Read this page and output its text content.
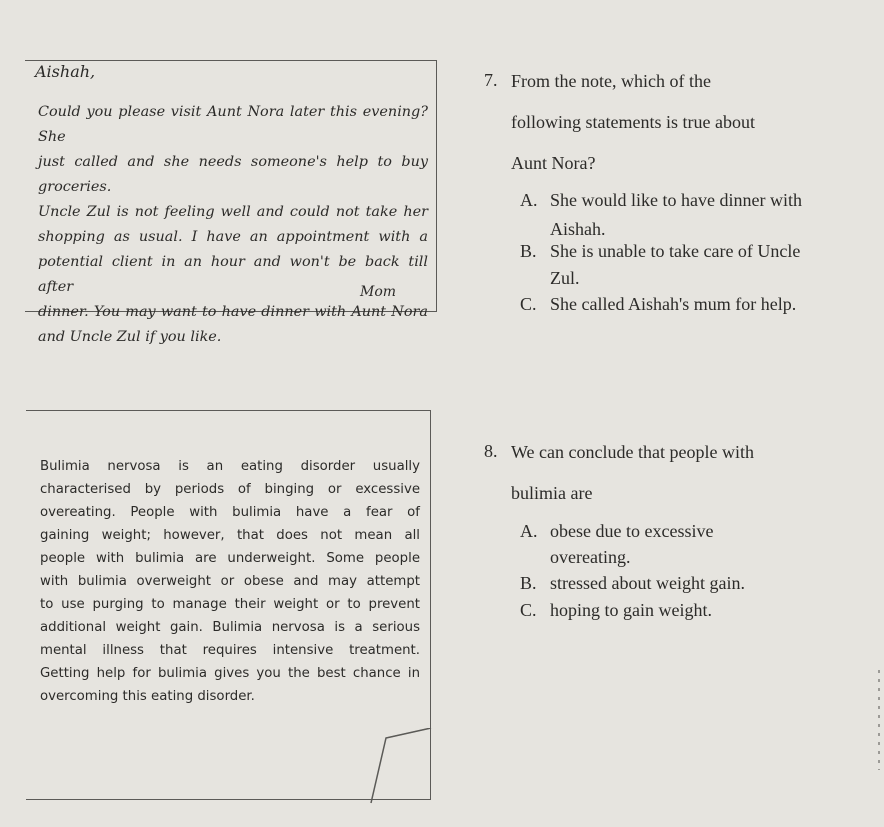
Aishah,
Could you please visit Aunt Nora later this evening? She
just called and she needs someone's help to buy groceries.
Uncle Zul is not feeling well and could not take her
shopping as usual. I have an appointment with a
potential client in an hour and won't be back till after
dinner. You may want to have dinner with Aunt Nora
and Uncle Zul if you like.
Mom
7. From the note, which of the
following statements is true about
Aunt Nora?
A. She would like to have dinner with
Aishah.
B. She is unable to take care of Uncle
Zul.
C. She called Aishah's mum for help.
Bulimia nervosa is an eating disorder usually
characterised by periods of binging or excessive
overeating. People with bulimia have a fear of
gaining weight; however, that does not mean all
people with bulimia are underweight. Some people
with bulimia overweight or obese and may attempt
to use purging to manage their weight or to prevent
additional weight gain. Bulimia nervosa is a serious
mental illness that requires intensive treatment.
Getting help for bulimia gives you the best chance in
overcoming this eating disorder.
8. We can conclude that people with
bulimia are
A. obese due to excessive
overeating.
B. stressed about weight gain.
C. hoping to gain weight.
